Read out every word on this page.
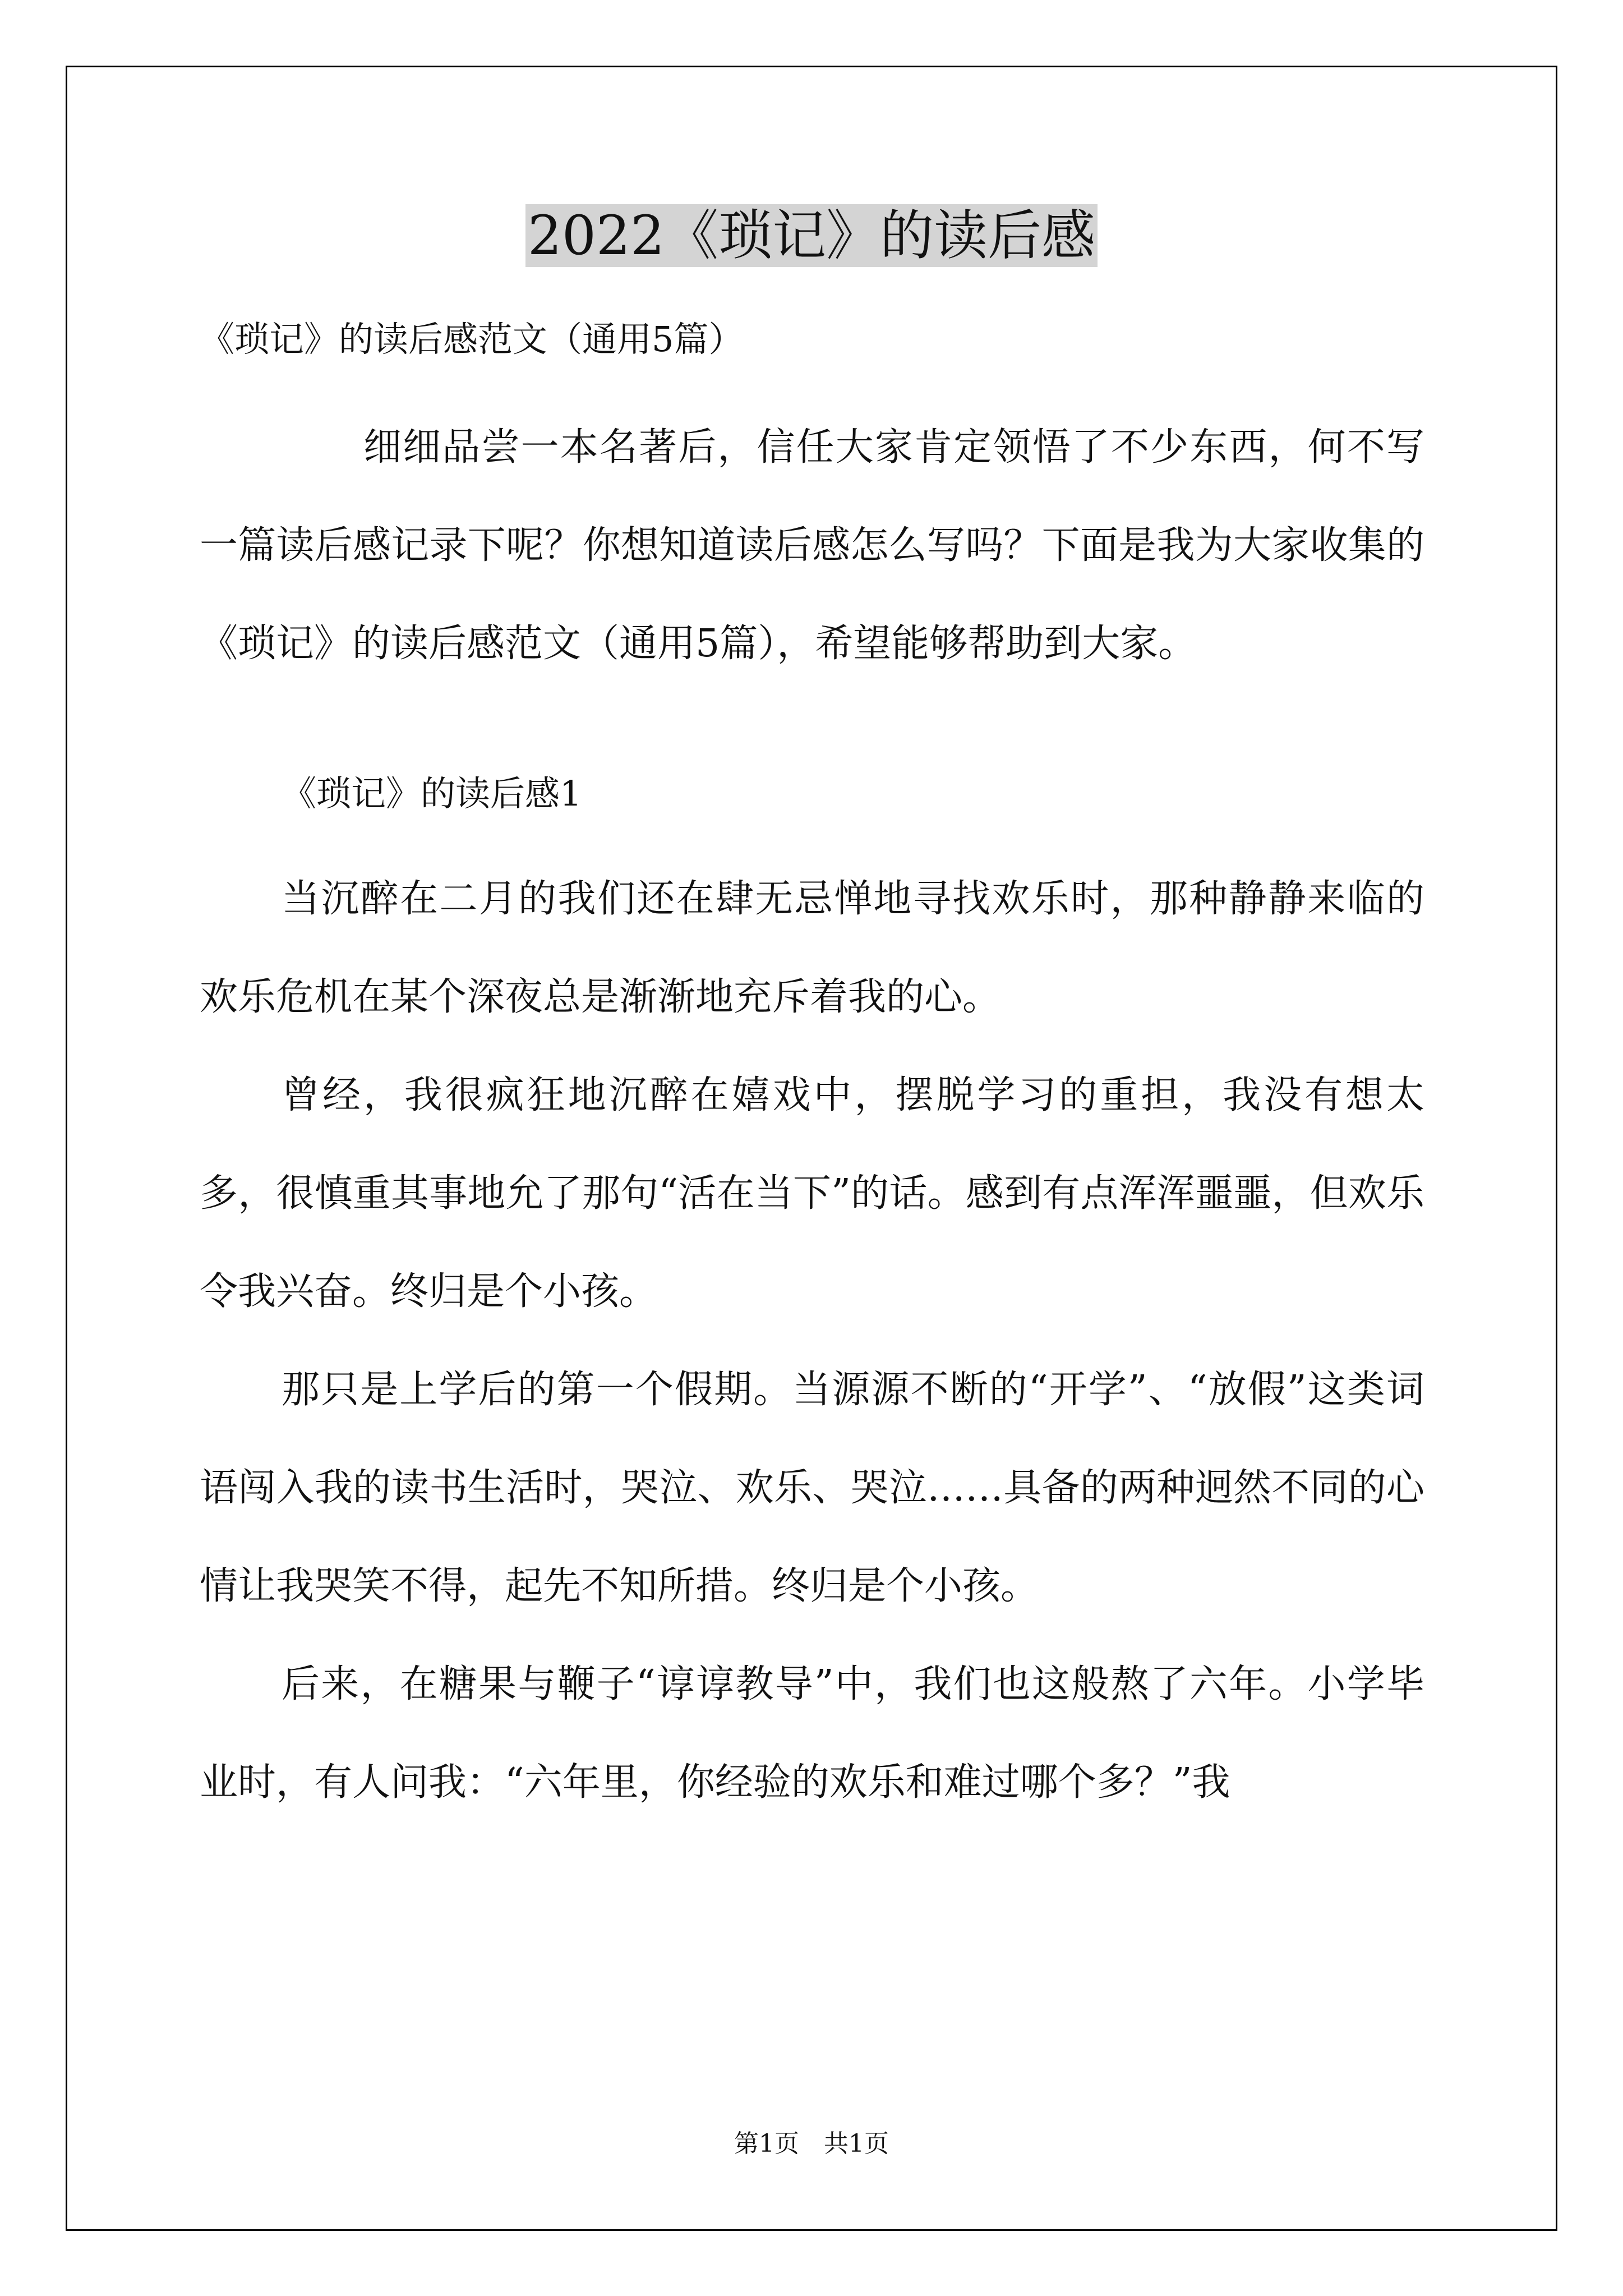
2022《琐记》的读后感

《琐记》的读后感范文（通用5篇）

细细品尝一本名著后，信任大家肯定领悟了不少东西，何不写一篇读后感记录下呢？你想知道读后感怎么写吗？下面是我为大家收集的《琐记》的读后感范文（通用5篇），希望能够帮助到大家。

《琐记》的读后感1

当沉醉在二月的我们还在肆无忌惮地寻找欢乐时，那种静静来临的欢乐危机在某个深夜总是渐渐地充斥着我的心。

曾经，我很疯狂地沉醉在嬉戏中，摆脱学习的重担，我没有想太多，很慎重其事地允了那句“活在当下”的话。感到有点浑浑噩噩，但欢乐令我兴奋。终归是个小孩。

那只是上学后的第一个假期。当源源不断的“开学”、“放假”这类词语闯入我的读书生活时，哭泣、欢乐、哭泣……具备的两种迥然不同的心情让我哭笑不得，起先不知所措。终归是个小孩。

后来，在糖果与鞭子“谆谆教导”中，我们也这般熬了六年。小学毕业时，有人问我：“六年里，你经验的欢乐和难过哪个多？”我

第1页　共1页
